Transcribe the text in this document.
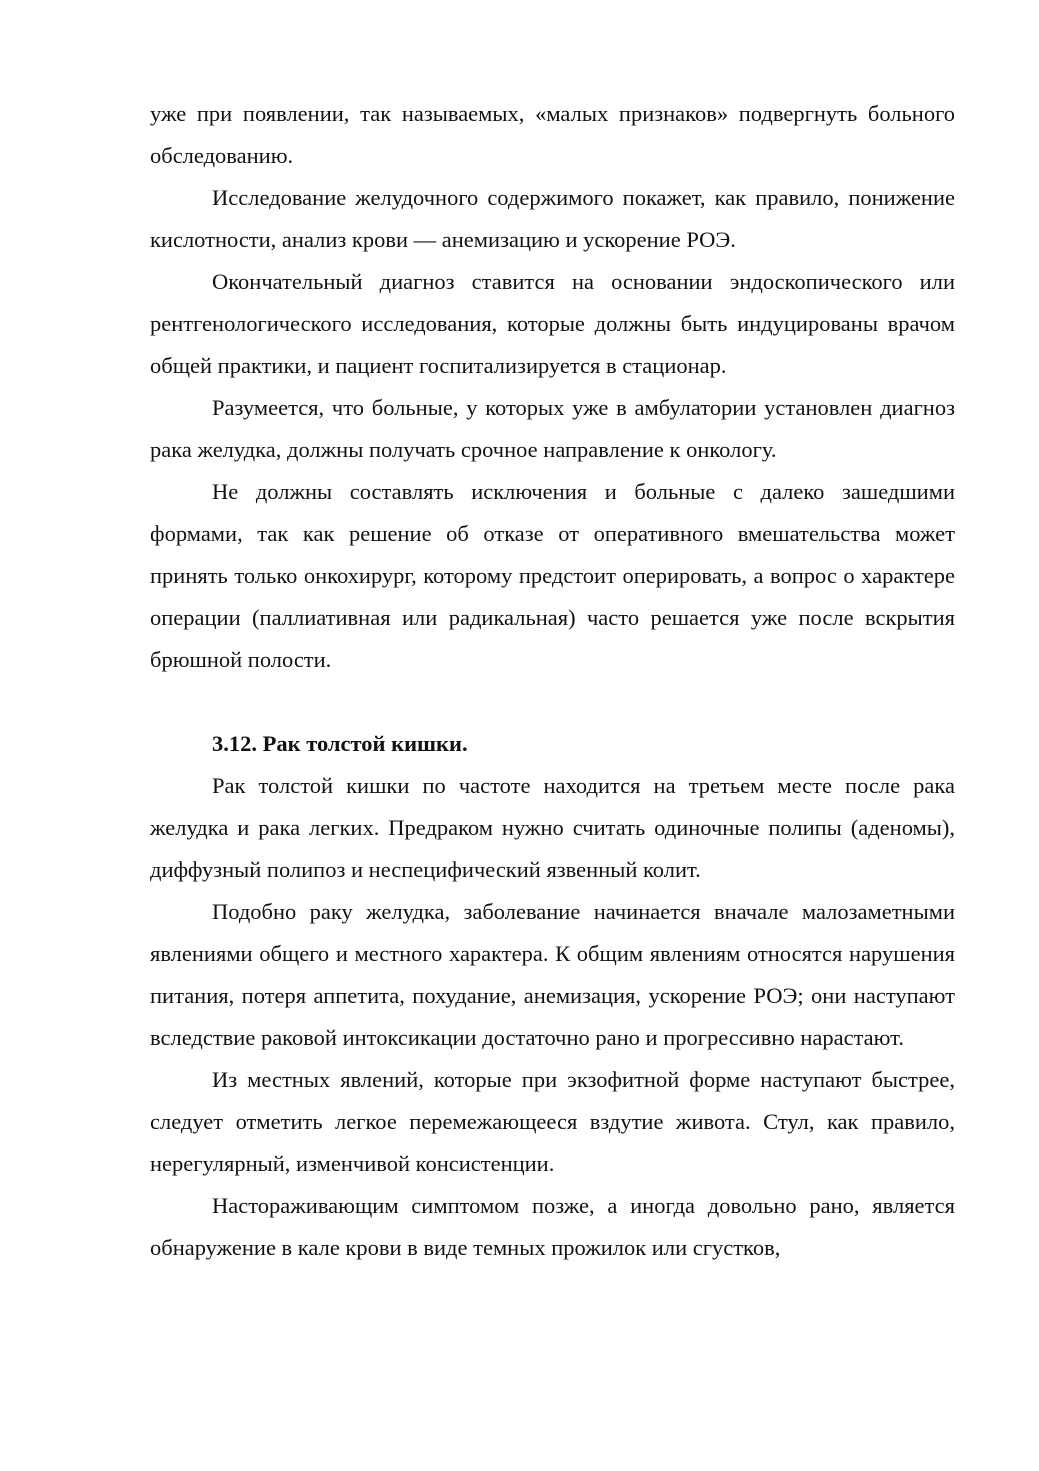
уже при появлении, так называемых, «малых признаков» подвергнуть больного обследованию.

Исследование желудочного содержимого покажет, как правило, понижение кислотности, анализ крови — анемизацию и ускорение РОЭ.

Окончательный диагноз ставится на основании эндоскопического или рентгенологического исследования, которые должны быть индуцированы врачом общей практики, и пациент госпитализируется в стационар.

Разумеется, что больные, у которых уже в амбулатории установлен диагноз рака желудка, должны получать срочное направление к онкологу.

Не должны составлять исключения и больные с далеко зашедшими формами, так как решение об отказе от оперативного вмешательства может принять только онкохирург, которому предстоит оперировать, а вопрос о характере операции (паллиативная или радикальная) часто решается уже после вскрытия брюшной полости.

3.12. Рак толстой кишки.

Рак толстой кишки по частоте находится на третьем месте после рака желудка и рака легких. Предраком нужно считать одиночные полипы (аденомы), диффузный полипоз и неспецифический язвенный колит.

Подобно раку желудка, заболевание начинается вначале малозаметными явлениями общего и местного характера. К общим явлениям относятся нарушения питания, потеря аппетита, похудание, анемизация, ускорение РОЭ; они наступают вследствие раковой интоксикации достаточно рано и прогрессивно нарастают.

Из местных явлений, которые при экзофитной форме наступают быстрее, следует отметить легкое перемежающееся вздутие живота. Стул, как правило, нерегулярный, изменчивой консистенции.

Настораживающим симптомом позже, а иногда довольно рано, является обнаружение в кале крови в виде темных прожилок или сгустков,
